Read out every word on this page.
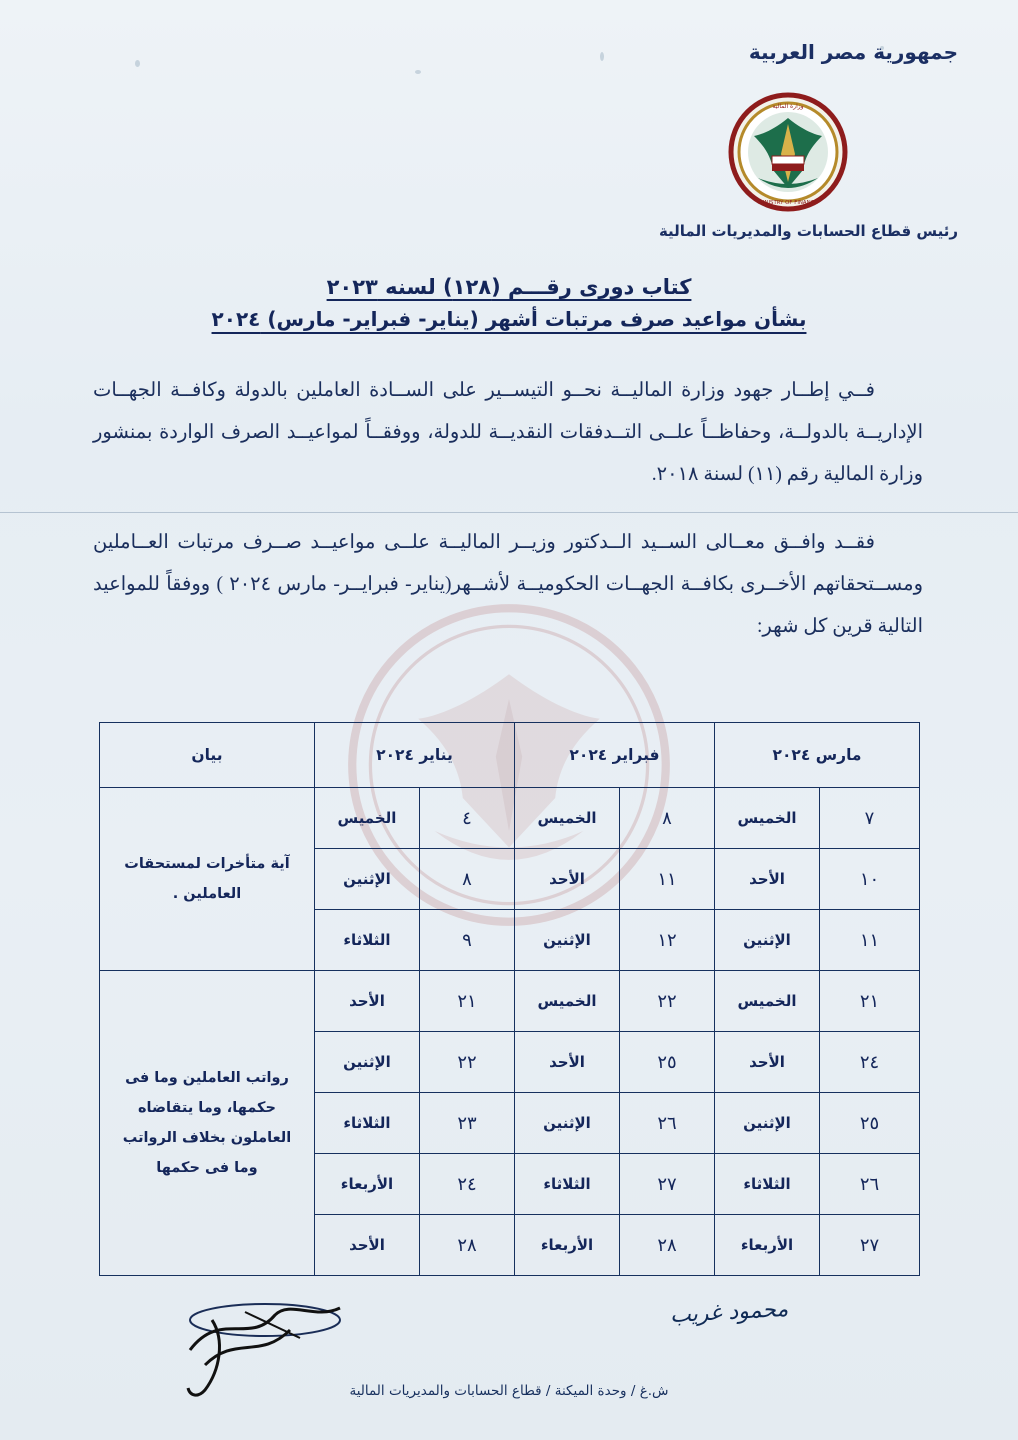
جمهورية مصر العربية
وزارة المالية
MINISTRY OF FINANCE
رئيس قطاع الحسابات والمديريات المالية
كتاب دورى رقـــم (١٢٨) لسنه ٢٠٢٣
بشأن مواعيد صرف مرتبات أشهر (يناير- فبراير- مارس) ٢٠٢٤
فــي إطــار جهود وزارة الماليــة نحــو التيســير على الســادة العاملين بالدولة وكافــة الجهــات الإداريــة بالدولــة، وحفاظــاً علــى التــدفقات النقديــة للدولة، ووفقــاً لمواعيــد الصرف الواردة بمنشور وزارة المالية رقم (١١) لسنة ٢٠١٨.
فقــد وافــق معــالى الســيد الــدكتور وزيــر الماليــة علــى مواعيــد صــرف مرتبات العــاملين ومســتحقاتهم الأخــرى بكافــة الجهــات الحكوميــة لأشــهر(يناير- فبرايــر- مارس ٢٠٢٤ ) ووفقاً للمواعيد التالية قرين كل شهر:
مارس ٢٠٢٤		فبراير ٢٠٢٤		يناير ٢٠٢٤		بيان
٧	الخميس	٨	الخميس	٤	الخميس	آية متأخرات لمستحقات العاملين .
١٠	الأحد	١١	الأحد	٨	الإثنين	
١١	الإثنين	١٢	الإثنين	٩	الثلاثاء	
٢١	الخميس	٢٢	الخميس	٢١	الأحد	رواتب العاملين وما فى حكمها، وما يتقاضاه العاملون بخلاف الرواتب وما فى حكمها
٢٤	الأحد	٢٥	الأحد	٢٢	الإثنين	
٢٥	الإثنين	٢٦	الإثنين	٢٣	الثلاثاء	
٢٦	الثلاثاء	٢٧	الثلاثاء	٢٤	الأربعاء	
٢٧	الأربعاء	٢٨	الأربعاء	٢٨	الأحد	
محمود غريب
ش.غ / وحدة الميكنة / قطاع الحسابات والمديريات المالية
